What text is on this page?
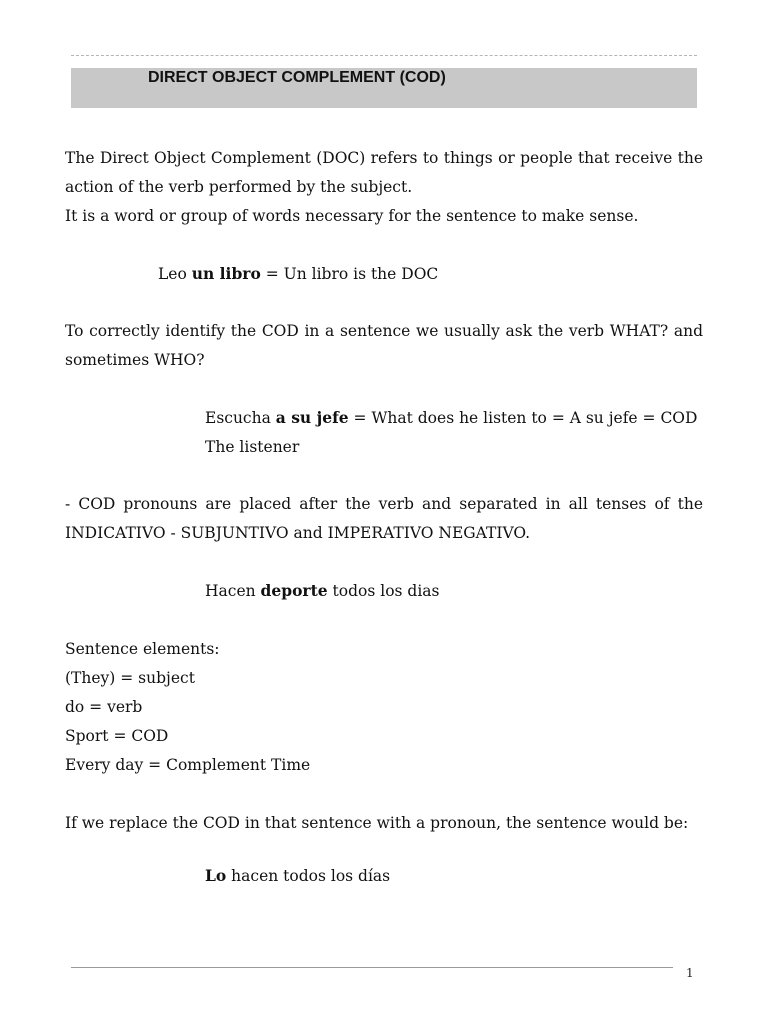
DIRECT OBJECT COMPLEMENT (COD)

The Direct Object Complement (DOC) refers to things or people that receive the action of the verb performed by the subject.

It is a word or group of words necessary for the sentence to make sense.

Leo un libro = Un libro is the DOC

To correctly identify the COD in a sentence we usually ask the verb WHAT? and sometimes WHO?

Escucha a su jefe = What does he listen to = A su jefe = COD

The listener

- COD pronouns are placed after the verb and separated in all tenses of the INDICATIVO - SUBJUNTIVO and IMPERATIVO NEGATIVO.

Hacen deporte todos los dias

Sentence elements:

(They) = subject

do = verb

Sport = COD

Every day = Complement Time

If we replace the COD in that sentence with a pronoun, the sentence would be:

Lo hacen todos los días

1
